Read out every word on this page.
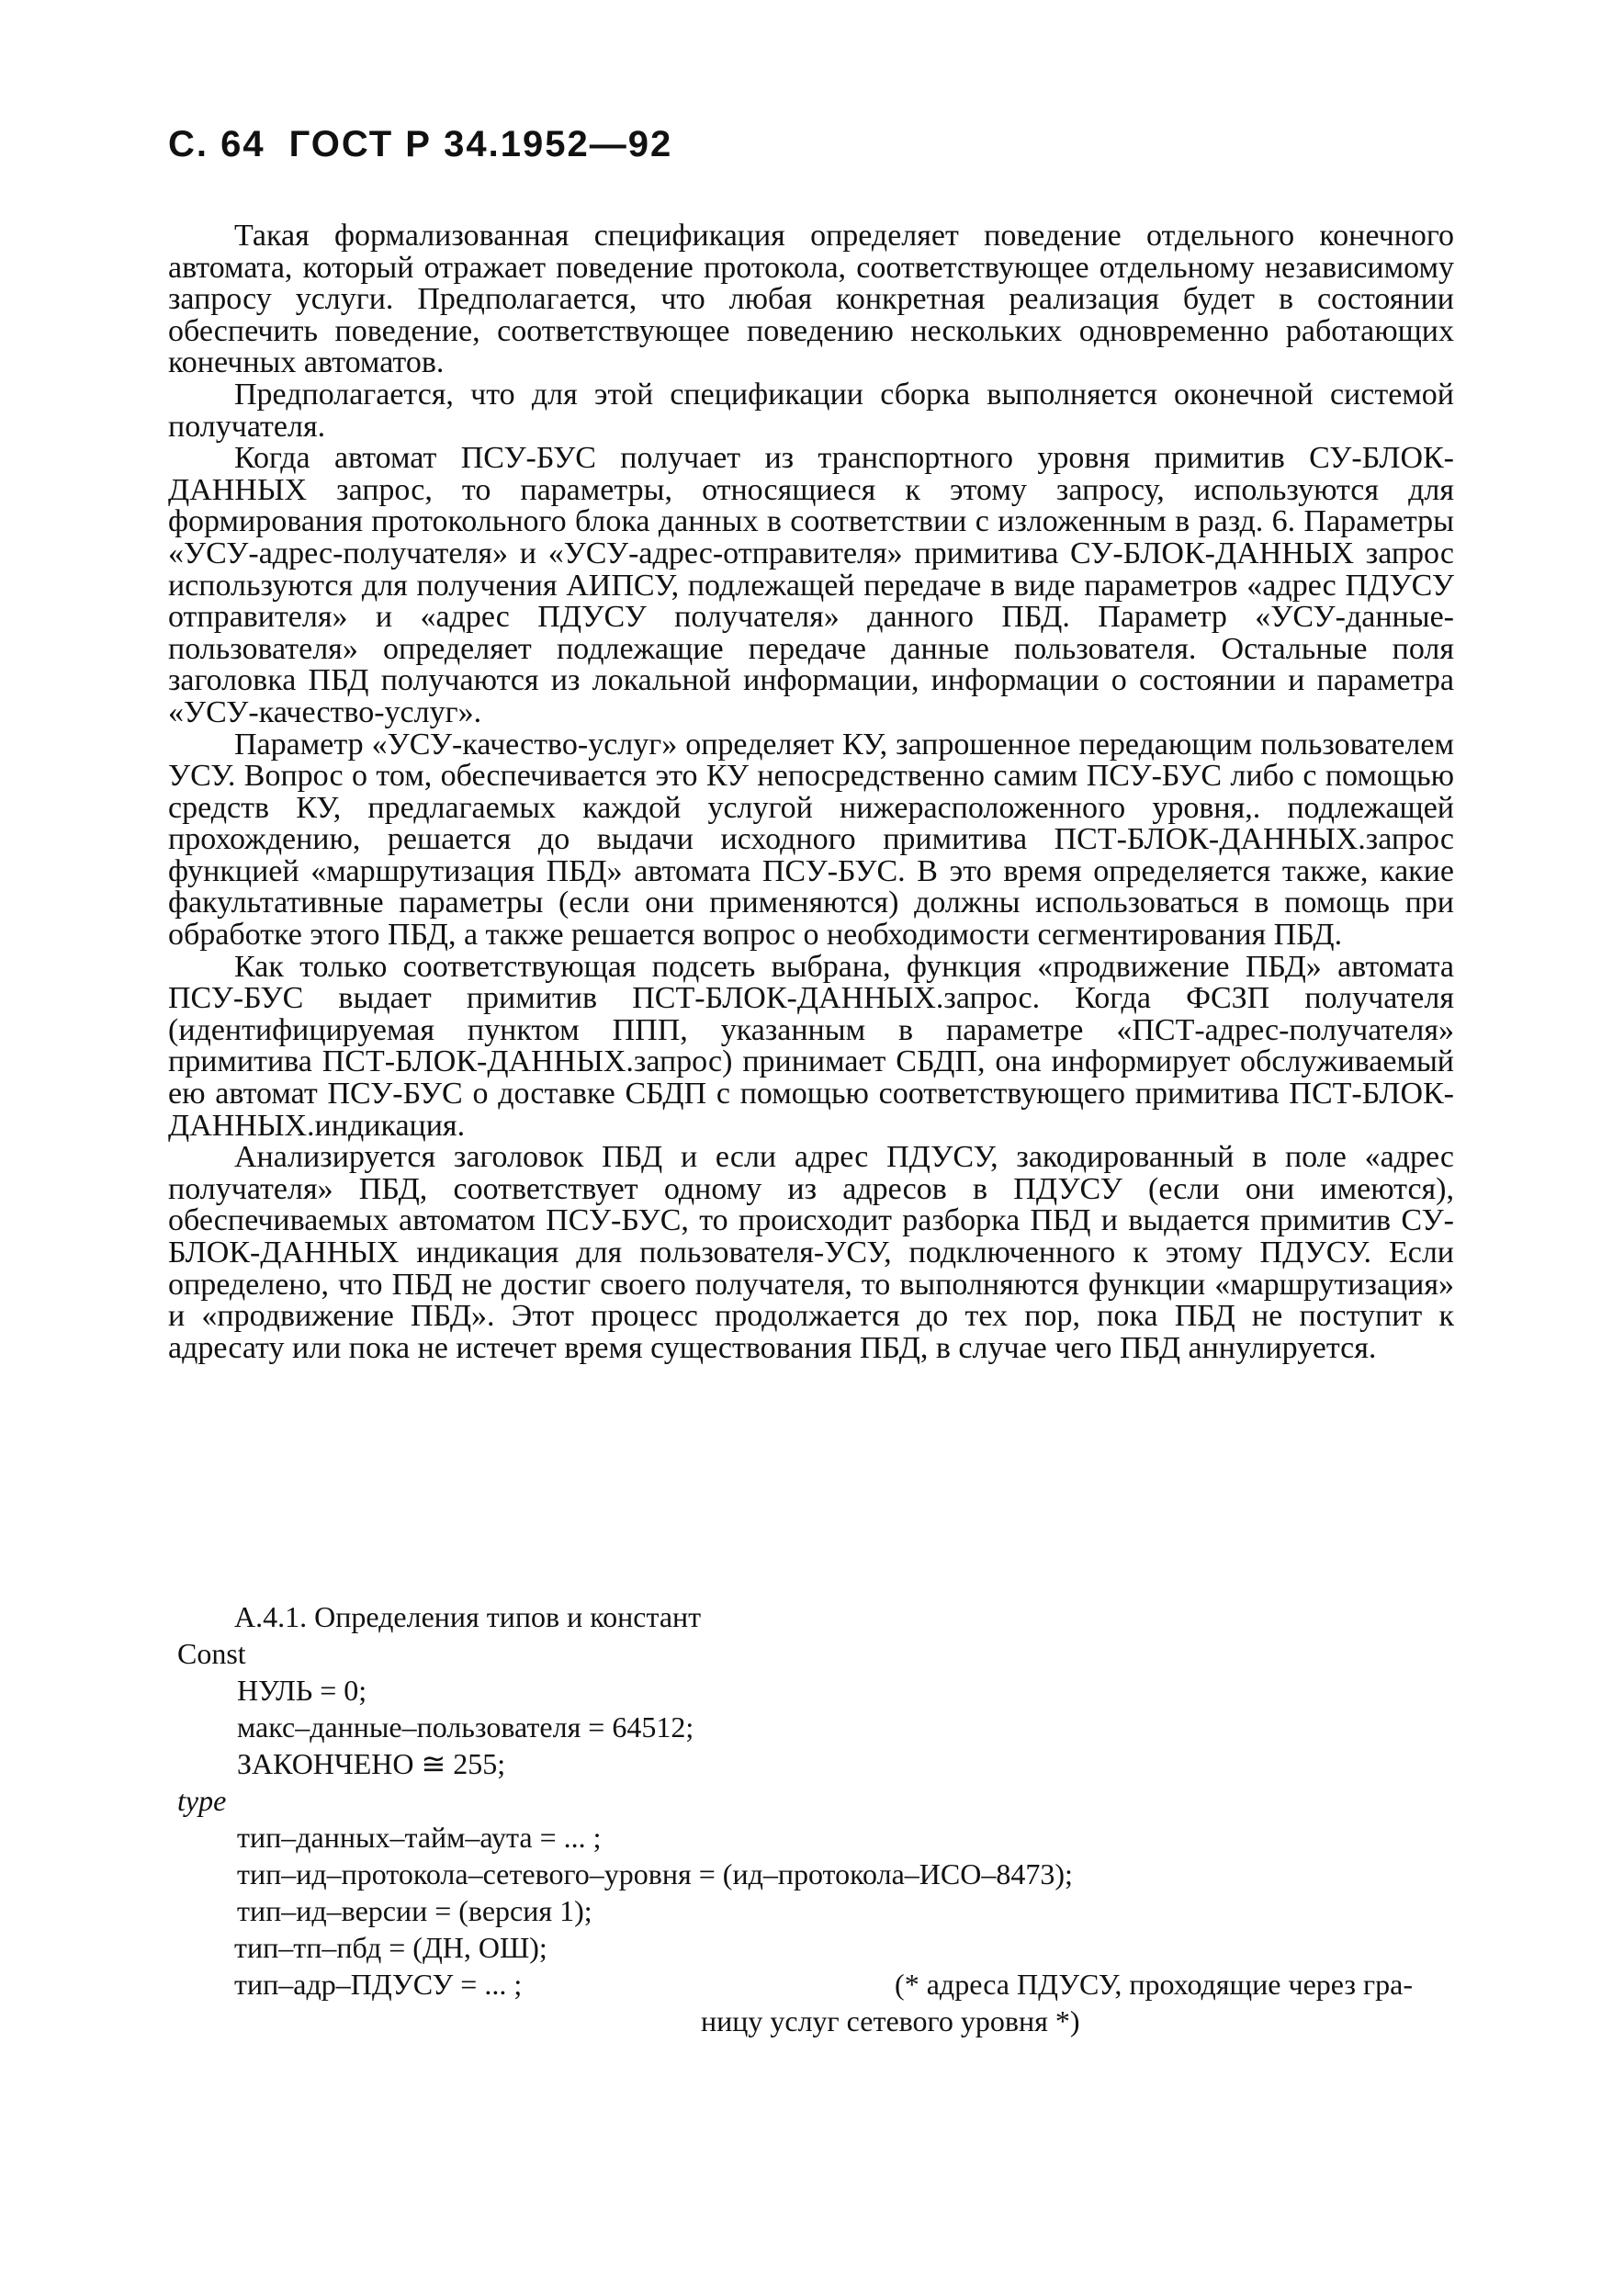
С. 64 ГОСТ Р 34.1952—92

Такая формализованная спецификация определяет поведение отдельного конечного автомата, который отражает поведение протокола, соответствующее отдельному независимому запросу услуги. Предполагается, что любая конкретная реализация будет в состоянии обеспечить поведение, соответствующее поведению нескольких одновременно работающих конечных автоматов.

Предполагается, что для этой спецификации сборка выполняется оконечной системой получателя.

Когда автомат ПСУ-БУС получает из транспортного уровня примитив СУ-БЛОК-ДАННЫХ запрос, то параметры, относящиеся к этому запросу, используются для формирования протокольного блока данных в соответствии с изложенным в разд. 6. Параметры «УСУ-адрес-получателя» и «УСУ-адрес-отправителя» примитива СУ-БЛОК-ДАННЫХ запрос используются для получения АИПСУ, подлежащей передаче в виде параметров «адрес ПДУСУ отправителя» и «адрес ПДУСУ получателя» данного ПБД. Параметр «УСУ-данные-пользователя» определяет подлежащие передаче данные пользователя. Остальные поля заголовка ПБД получаются из локальной информации, информации о состоянии и параметра «УСУ-качество-услуг».

Параметр «УСУ-качество-услуг» определяет КУ, запрошенное передающим пользователем УСУ. Вопрос о том, обеспечивается это КУ непосредственно самим ПСУ-БУС либо с помощью средств КУ, предлагаемых каждой услугой нижерасположенного уровня,. подлежащей прохождению, решается до выдачи исходного примитива ПСТ-БЛОК-ДАННЫХ.запрос функцией «маршрутизация ПБД» автомата ПСУ-БУС. В это время определяется также, какие факультативные параметры (если они применяются) должны использоваться в помощь при обработке этого ПБД, а также решается вопрос о необходимости сегментирования ПБД.

Как только соответствующая подсеть выбрана, функция «продвижение ПБД» автомата ПСУ-БУС выдает примитив ПСТ-БЛОК-ДАННЫХ.запрос. Когда ФСЗП получателя (идентифицируемая пунктом ППП, указанным в параметре «ПСТ-адрес-получателя» примитива ПСТ-БЛОК-ДАННЫХ.запрос) принимает СБДП, она информирует обслуживаемый ею автомат ПСУ-БУС о доставке СБДП с помощью соответствующего примитива ПСТ-БЛОК-ДАННЫХ.индикация.

Анализируется заголовок ПБД и если адрес ПДУСУ, закодированный в поле «адрес получателя» ПБД, соответствует одному из адресов в ПДУСУ (если они имеются), обеспечиваемых автоматом ПСУ-БУС, то происходит разборка ПБД и выдается примитив СУ-БЛОК-ДАННЫХ индикация для пользователя-УСУ, подключенного к этому ПДУСУ. Если определено, что ПБД не достиг своего получателя, то выполняются функции «маршрутизация» и «продвижение ПБД». Этот процесс продолжается до тех пор, пока ПБД не поступит к адресату или пока не истечет время существования ПБД, в случае чего ПБД аннулируется.

А.4.1. Определения типов и констант
Const
НУЛЬ = 0;
макс–данные–пользователя = 64512;
ЗАКОНЧЕНО ≅ 255;
type
тип–данных–тайм–аута = ... ;
тип–ид–протокола–сетевого–уровня = (ид–протокола–ИСО–8473);
тип–ид–версии = (версия 1);
тип–тп–пбд = (ДН, ОШ);
тип–адр–ПДУСУ = ... ;	(* адреса ПДУСУ, проходящие через гра-
ницу услуг сетевого уровня *)
